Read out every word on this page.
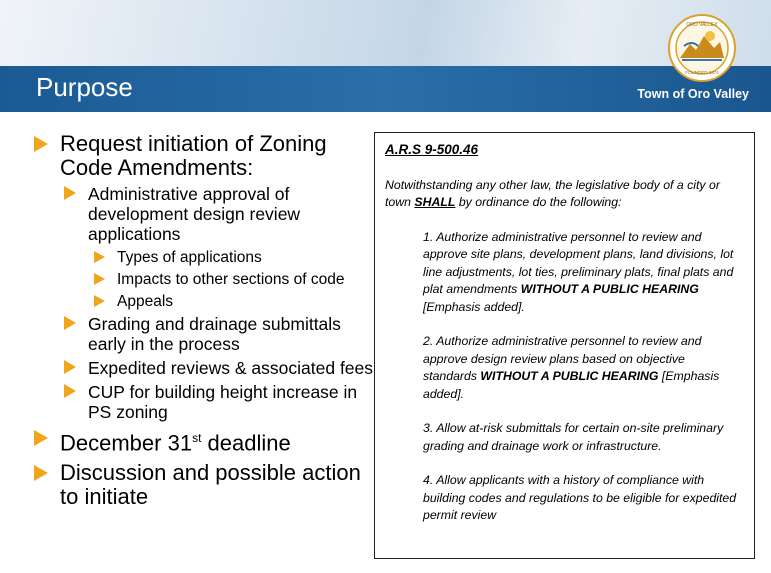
Purpose	Town of Oro Valley
ORO VALLEY
FOUNDED 1974
Request initiation of Zoning Code Amendments:
Administrative approval of development design review applications
Types of applications
Impacts to other sections of code
Appeals
Grading and drainage submittals early in the process
Expedited reviews & associated fees
CUP for building height increase in PS zoning
December 31st deadline
Discussion and possible action to initiate
A.R.S 9-500.46

Notwithstanding any other law, the legislative body of a city or town SHALL by ordinance do the following:

1. Authorize administrative personnel to review and approve site plans, development plans, land divisions, lot line adjustments, lot ties, preliminary plats, final plats and plat amendments WITHOUT A PUBLIC HEARING [Emphasis added].

2. Authorize administrative personnel to review and approve design review plans based on objective standards WITHOUT A PUBLIC HEARING [Emphasis added].

3. Allow at-risk submittals for certain on-site preliminary grading and drainage work or infrastructure.

4. Allow applicants with a history of compliance with building codes and regulations to be eligible for expedited permit review
